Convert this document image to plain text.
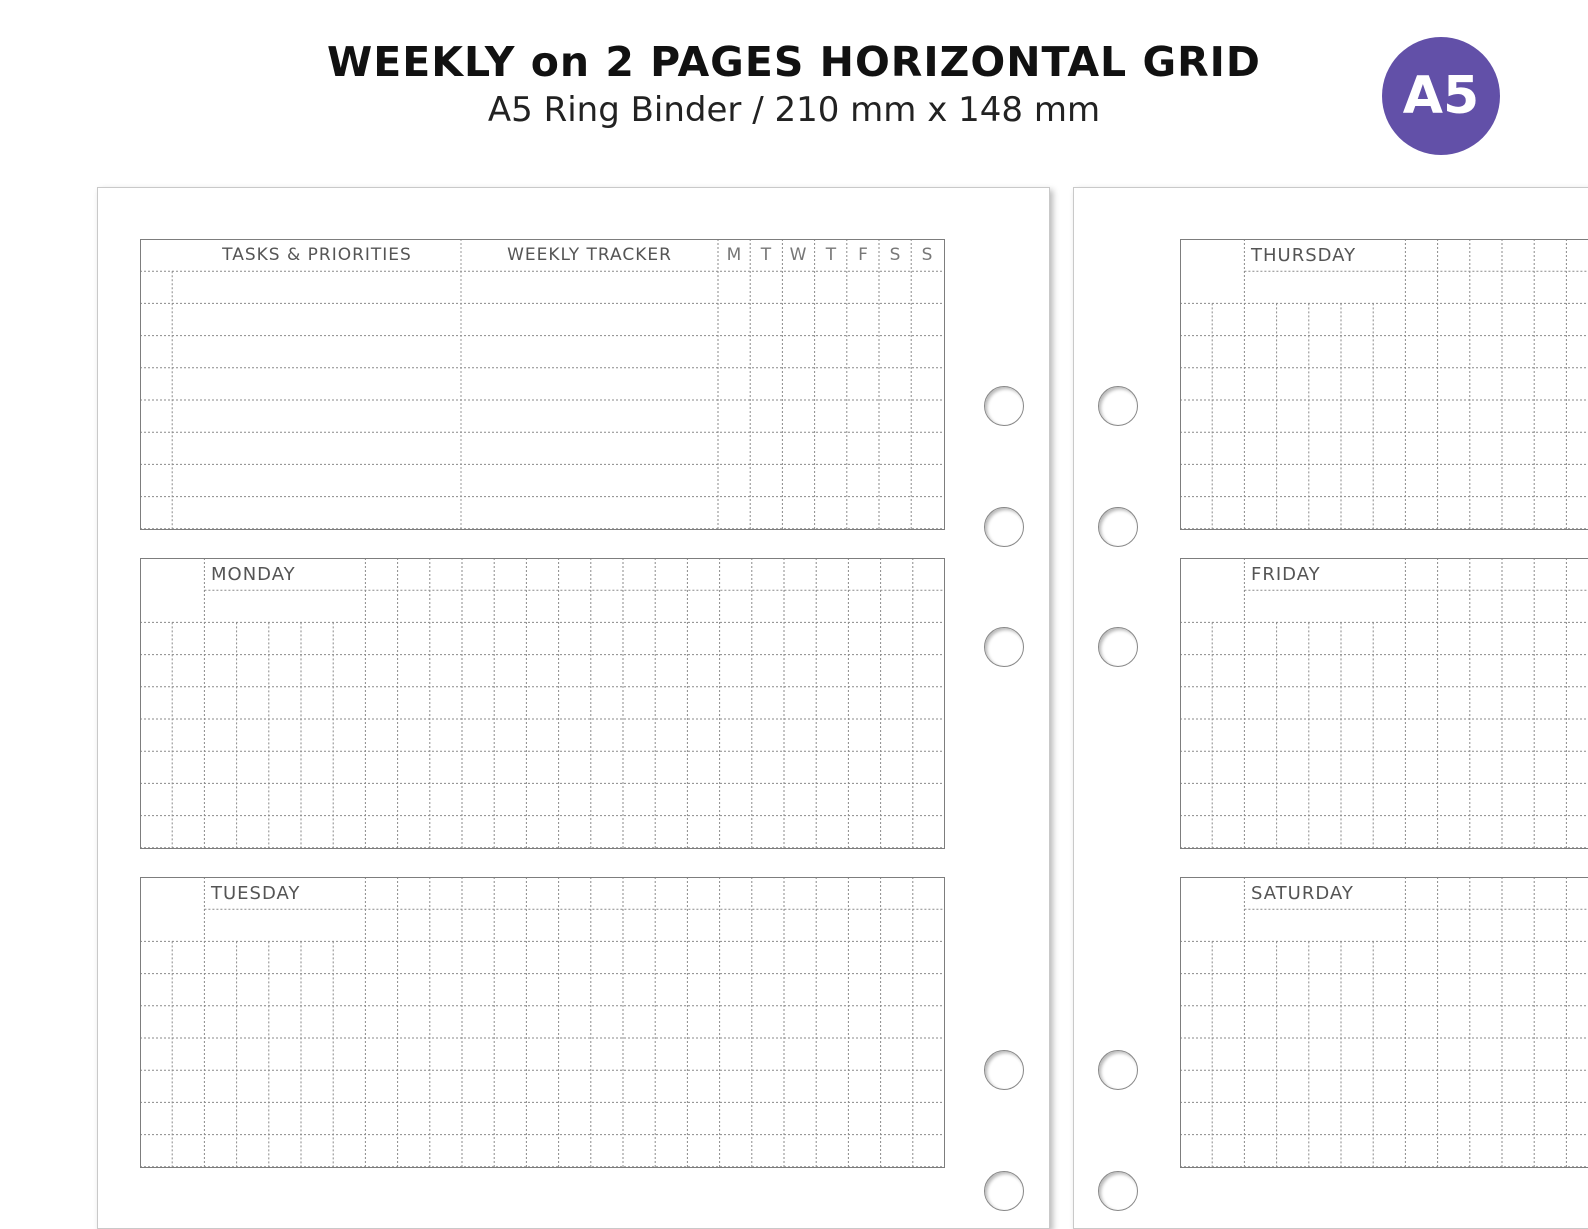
WEEKLY on 2 PAGES HORIZONTAL GRID
A5 Ring Binder / 210 mm x 148 mm	A5
TASKS & PRIORITIES	WEEKLY TRACKER	M	T	W	T	F	S	S
MONDAY
TUESDAY
THURSDAY
FRIDAY
SATURDAY
